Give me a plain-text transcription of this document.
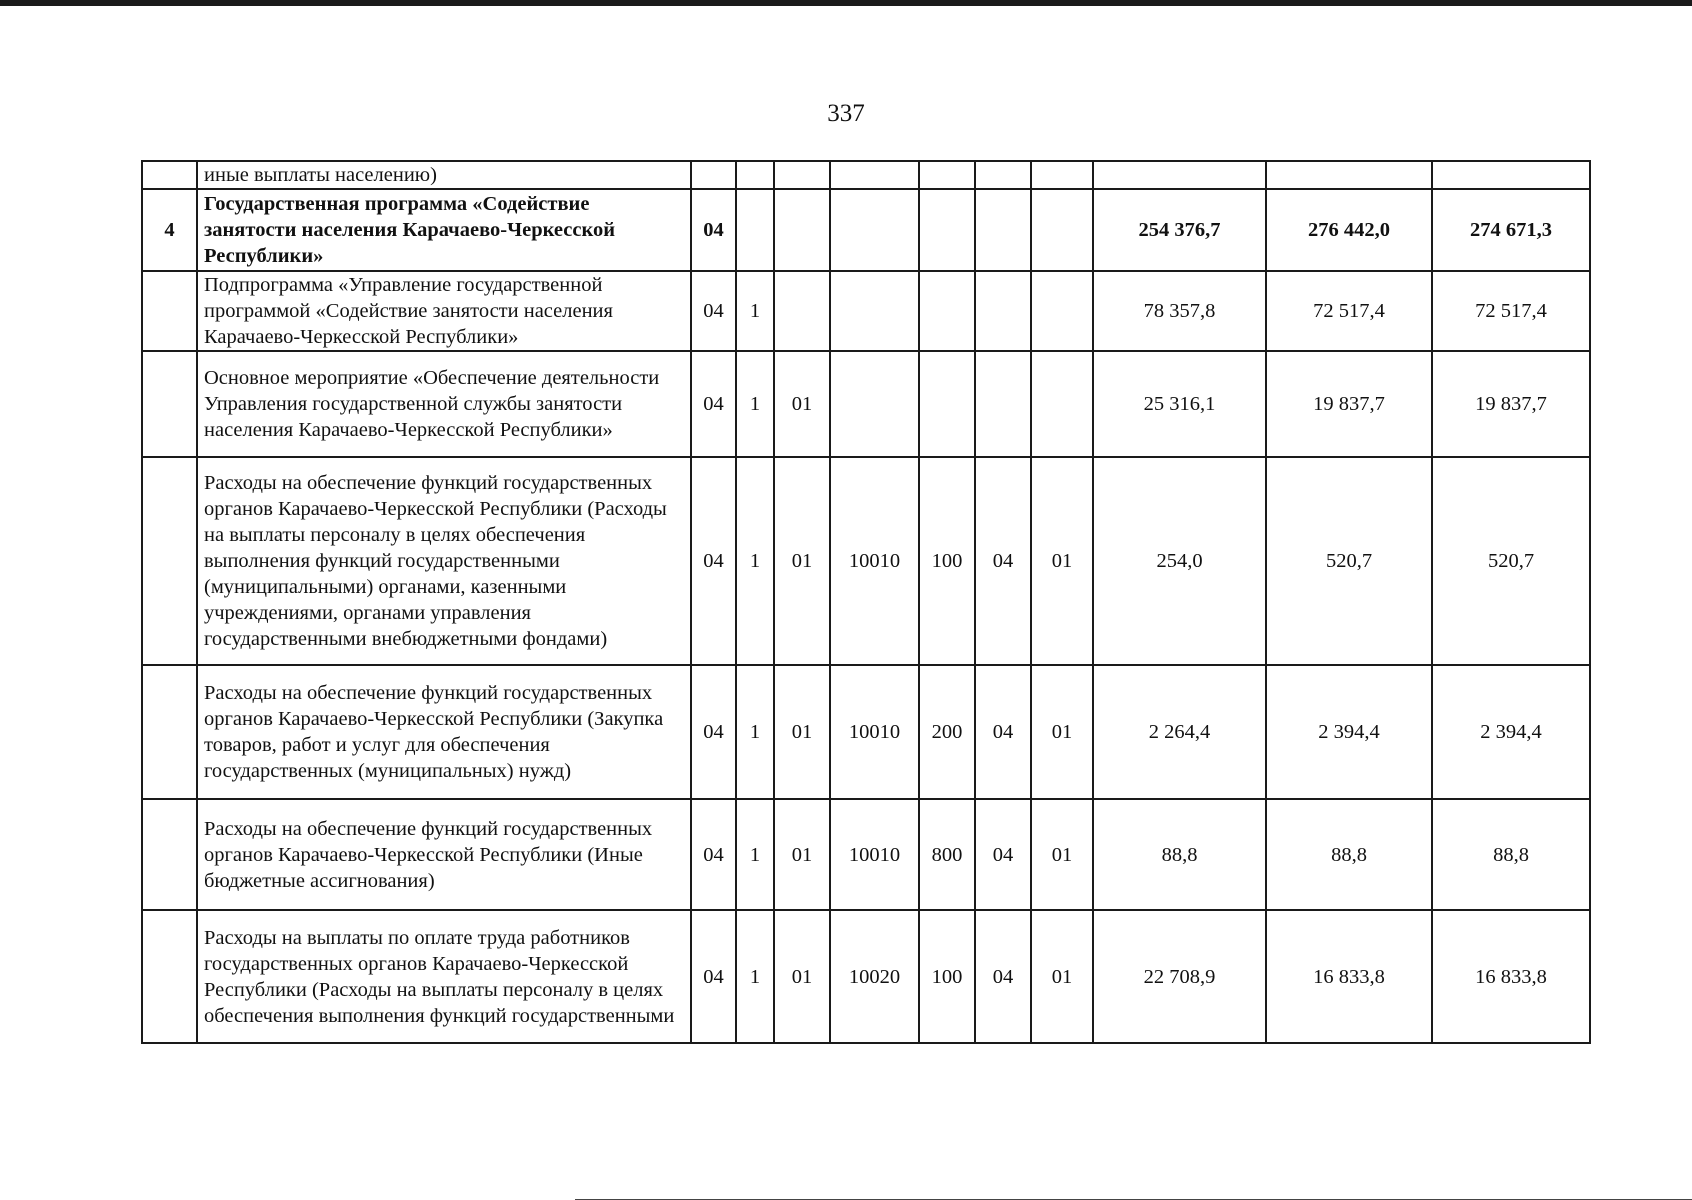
337
	иные выплаты населению)										
4	Государственная программа «Содействие занятости населения Карачаево-Черкесской Республики»	04							254 376,7	276 442,0	274 671,3
	Подпрограмма «Управление государственной программой «Содействие занятости населения Карачаево-Черкесской Республики»	04	1						78 357,8	72 517,4	72 517,4
	Основное мероприятие «Обеспечение деятельности Управления государственной службы занятости населения Карачаево-Черкесской Республики»	04	1	01					25 316,1	19 837,7	19 837,7
	Расходы на обеспечение функций государственных органов Карачаево-Черкесской Республики (Расходы на выплаты персоналу в целях обеспечения выполнения функций государственными (муниципальными) органами, казенными учреждениями, органами управления государственными внебюджетными фондами)	04	1	01	10010	100	04	01	254,0	520,7	520,7
	Расходы на обеспечение функций государственных органов Карачаево-Черкесской Республики (Закупка товаров, работ и услуг для обеспечения государственных (муниципальных) нужд)	04	1	01	10010	200	04	01	2 264,4	2 394,4	2 394,4
	Расходы на обеспечение функций государственных органов Карачаево-Черкесской Республики (Иные бюджетные ассигнования)	04	1	01	10010	800	04	01	88,8	88,8	88,8
	Расходы на выплаты по оплате труда работников государственных органов Карачаево-Черкесской Республики (Расходы на выплаты персоналу в целях обеспечения выполнения функций государственными	04	1	01	10020	100	04	01	22 708,9	16 833,8	16 833,8
